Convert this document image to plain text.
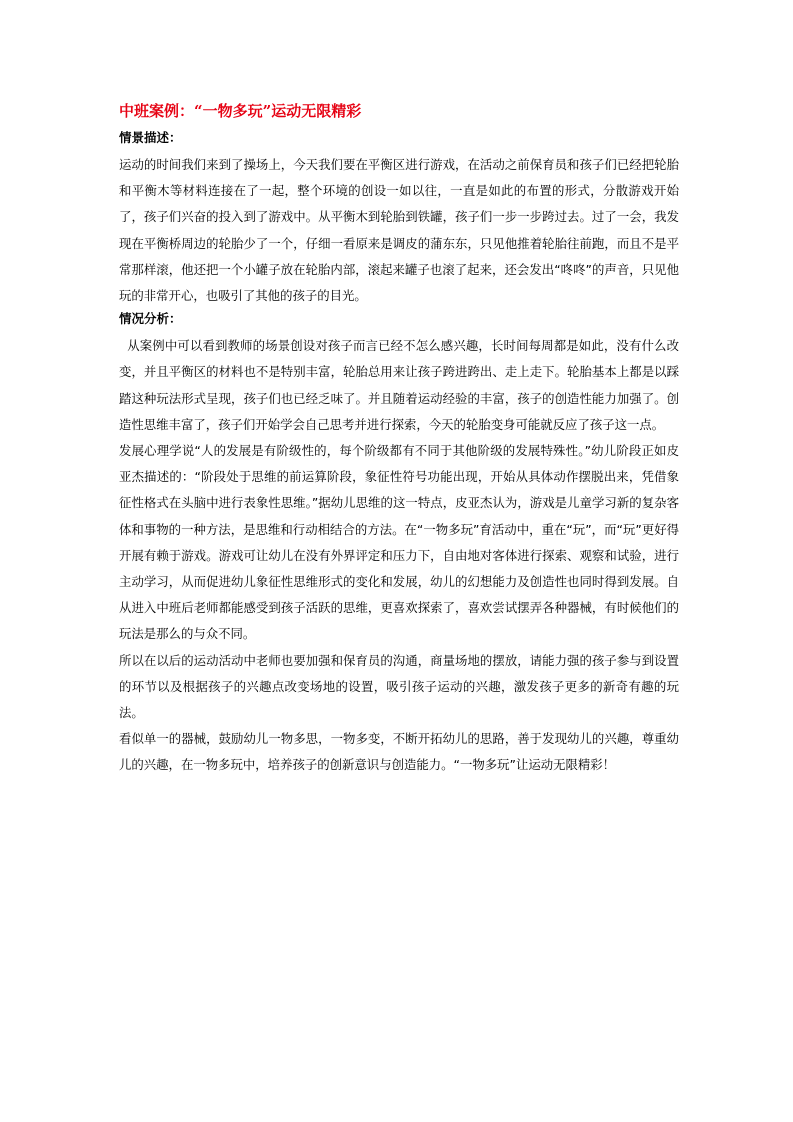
中班案例：“一物多玩”运动无限精彩
情景描述：

运动的时间我们来到了操场上，今天我们要在平衡区进行游戏，在活动之前保育员和孩子们已经把轮胎和平衡木等材料连接在了一起，整个环境的创设一如以往，一直是如此的布置的形式，分散游戏开始了，孩子们兴奋的投入到了游戏中。从平衡木到轮胎到铁罐，孩子们一步一步跨过去。过了一会，我发现在平衡桥周边的轮胎少了一个，仔细一看原来是调皮的蒲东东，只见他推着轮胎往前跑，而且不是平常那样滚，他还把一个小罐子放在轮胎内部，滚起来罐子也滚了起来，还会发出“咚咚”的声音，只见他玩的非常开心，也吸引了其他的孩子的目光。

情况分析：

从案例中可以看到教师的场景创设对孩子而言已经不怎么感兴趣，长时间每周都是如此，没有什么改变，并且平衡区的材料也不是特别丰富，轮胎总用来让孩子跨进跨出、走上走下。轮胎基本上都是以踩踏这种玩法形式呈现，孩子们也已经乏味了。并且随着运动经验的丰富，孩子的创造性能力加强了。创造性思维丰富了，孩子们开始学会自己思考并进行探索，今天的轮胎变身可能就反应了孩子这一点。

发展心理学说“人的发展是有阶级性的，每个阶级都有不同于其他阶级的发展特殊性。”幼儿阶段正如皮亚杰描述的：“阶段处于思维的前运算阶段，象征性符号功能出现，开始从具体动作摆脱出来，凭借象征性格式在头脑中进行表象性思维。”据幼儿思维的这一特点，皮亚杰认为，游戏是儿童学习新的复杂客体和事物的一种方法，是思维和行动相结合的方法。在“一物多玩”育活动中，重在“玩”，而“玩”更好得开展有赖于游戏。游戏可让幼儿在没有外界评定和压力下，自由地对客体进行探索、观察和试验，进行主动学习，从而促进幼儿象征性思维形式的变化和发展，幼儿的幻想能力及创造性也同时得到发展。自从进入中班后老师都能感受到孩子活跃的思维，更喜欢探索了，喜欢尝试摆弄各种器械，有时候他们的玩法是那么的与众不同。

所以在以后的运动活动中老师也要加强和保育员的沟通，商量场地的摆放，请能力强的孩子参与到设置的环节以及根据孩子的兴趣点改变场地的设置，吸引孩子运动的兴趣，激发孩子更多的新奇有趣的玩法。

看似单一的器械，鼓励幼儿一物多思，一物多变，不断开拓幼儿的思路，善于发现幼儿的兴趣，尊重幼儿的兴趣，在一物多玩中，培养孩子的创新意识与创造能力。“一物多玩”让运动无限精彩！
